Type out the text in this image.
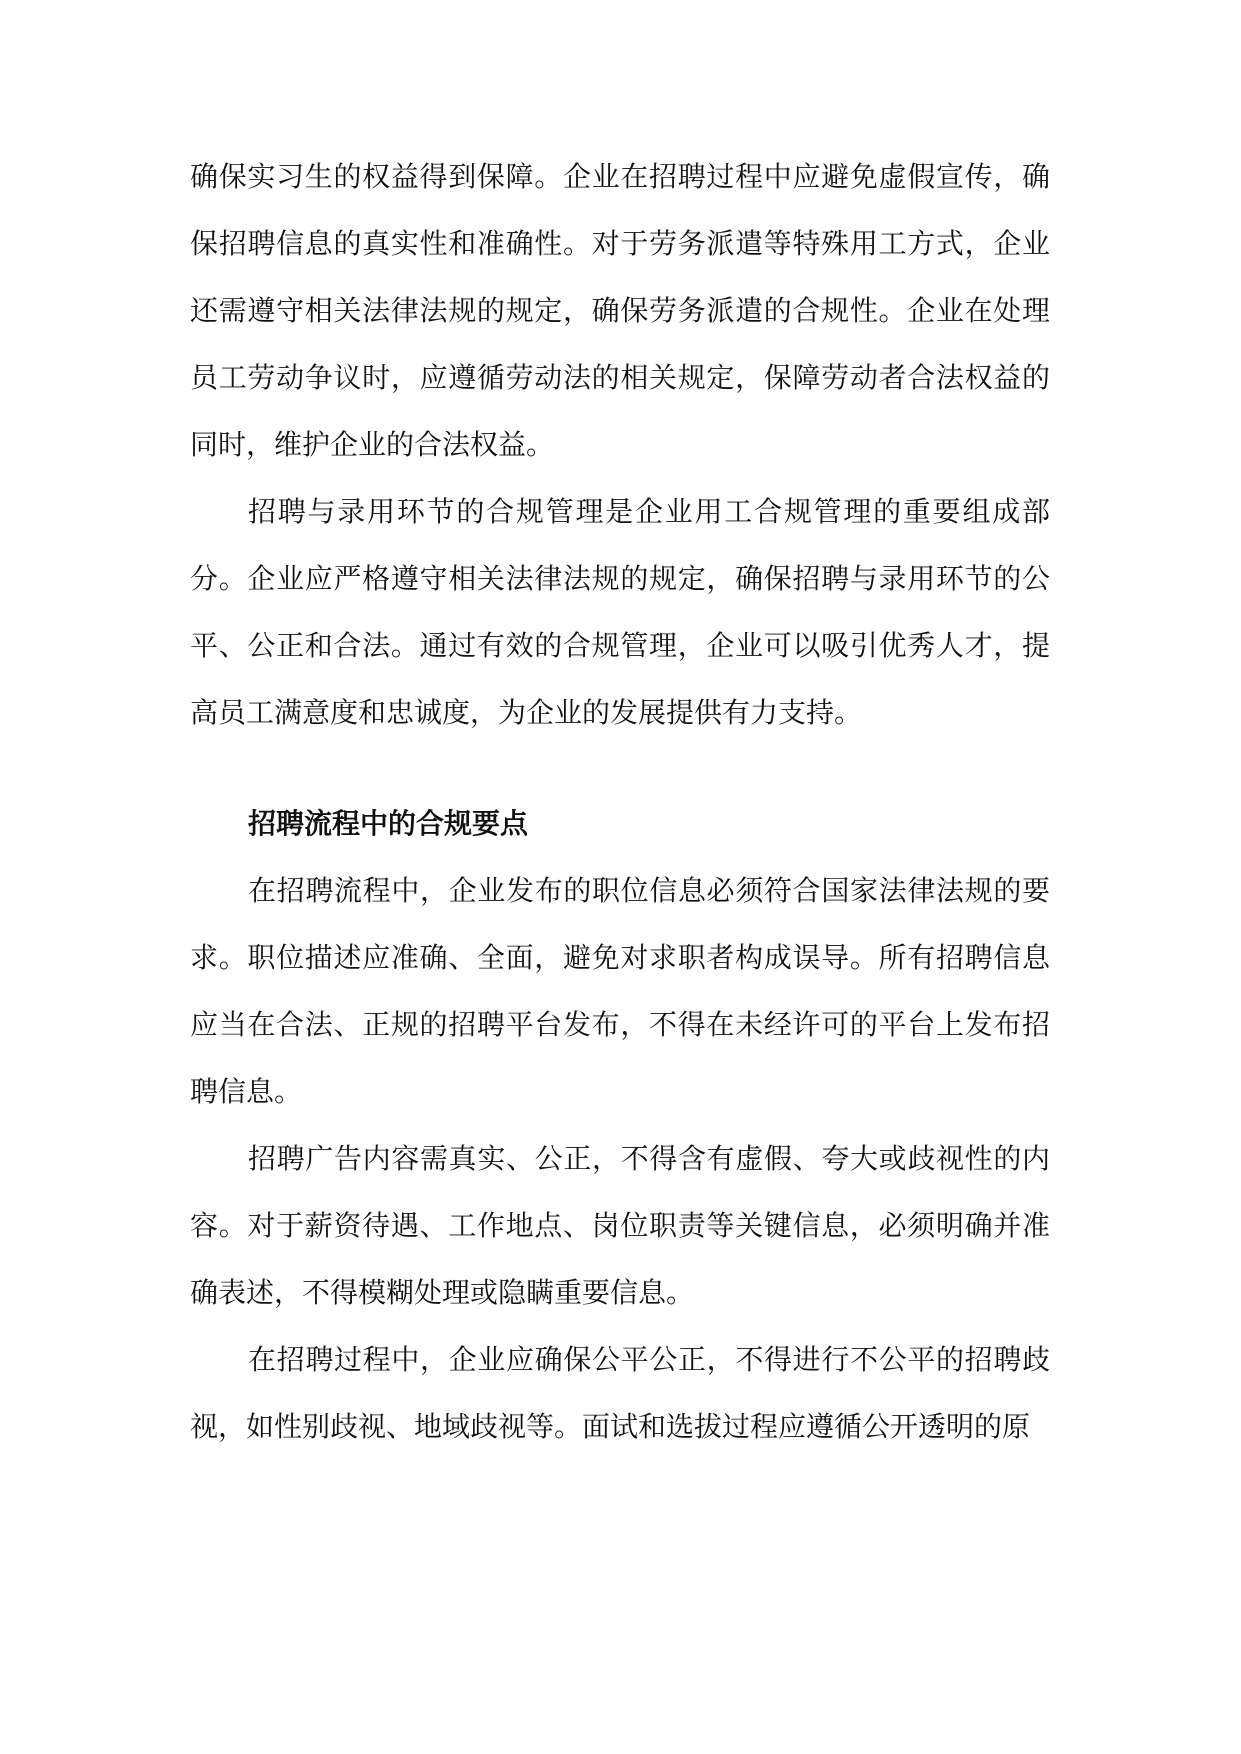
确保实习生的权益得到保障。企业在招聘过程中应避免虚假宣传，确保招聘信息的真实性和准确性。对于劳务派遣等特殊用工方式，企业还需遵守相关法律法规的规定，确保劳务派遣的合规性。企业在处理员工劳动争议时，应遵循劳动法的相关规定，保障劳动者合法权益的同时，维护企业的合法权益。

招聘与录用环节的合规管理是企业用工合规管理的重要组成部分。企业应严格遵守相关法律法规的规定，确保招聘与录用环节的公平、公正和合法。通过有效的合规管理，企业可以吸引优秀人才，提高员工满意度和忠诚度，为企业的发展提供有力支持。

招聘流程中的合规要点

在招聘流程中，企业发布的职位信息必须符合国家法律法规的要求。职位描述应准确、全面，避免对求职者构成误导。所有招聘信息应当在合法、正规的招聘平台发布，不得在未经许可的平台上发布招聘信息。

招聘广告内容需真实、公正，不得含有虚假、夸大或歧视性的内容。对于薪资待遇、工作地点、岗位职责等关键信息，必须明确并准确表述，不得模糊处理或隐瞒重要信息。

在招聘过程中，企业应确保公平公正，不得进行不公平的招聘歧视，如性别歧视、地域歧视等。面试和选拔过程应遵循公开透明的原
